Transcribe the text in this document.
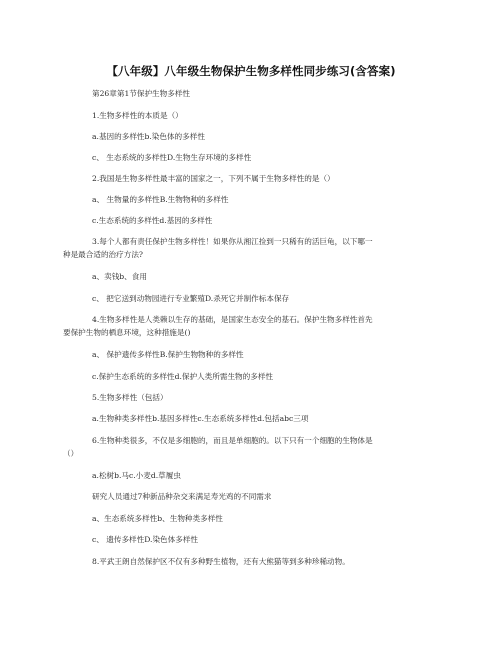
【八年级】八年级生物保护生物多样性同步练习(含答案)
第26章第1节保护生物多样性
1.生物多样性的本质是（）
a.基因的多样性b.染色体的多样性
c、 生态系统的多样性D.生物生存环境的多样性
2.我国是生物多样性最丰富的国家之一，下列不属于生物多样性的是（）
a、 生物量的多样性B.生物物种的多样性
c.生态系统的多样性d.基因的多样性
3.每个人都有责任保护生物多样性！如果你从湘江捡到一只稀有的活巨龟，以下哪一
种是最合适的治疗方法?
a、卖钱b、食用
c、 把它送到动物园进行专业繁殖D.杀死它并制作标本保存
4.生物多样性是人类赖以生存的基础，是国家生态安全的基石。保护生物多样性首先
要保护生物的栖息环境，这种措施是()
a、 保护遗传多样性B.保护生物物种的多样性
c.保护生态系统的多样性d.保护人类所需生物的多样性
5.生物多样性（包括）
a.生物种类多样性b.基因多样性c.生态系统多样性d.包括abc三项
6.生物种类很多，不仅是多细胞的，而且是单细胞的。以下只有一个细胞的生物体是
（）
a.松树b.马c.小麦d.草履虫
研究人员通过7种新品种杂交来满足寿光鸡的不同需求
a、生态系统多样性b、生物种类多样性
c、 遗传多样性D.染色体多样性
8.平武王朗自然保护区不仅有多种野生植物，还有大熊猫等到多种珍稀动物。
